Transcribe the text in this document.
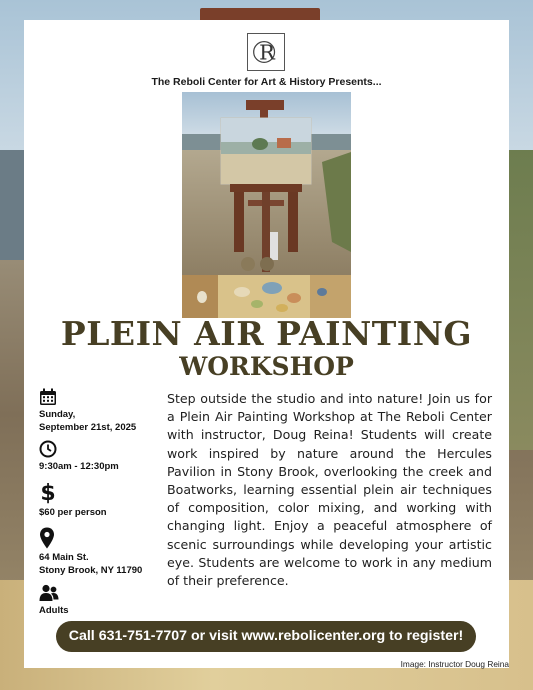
R
The Reboli Center for Art & History Presents...
PLEIN AIR PAINTING
WORKSHOP
Sunday,
September 21st, 2025
9:30am - 12:30pm
$
$60 per person
64 Main St.
Stony Brook, NY 11790
Adults
Step outside the studio and into nature! Join us for a Plein Air Painting Workshop at The Reboli Center with instructor, Doug Reina! Students will create work inspired by nature around the Hercules Pavilion in Stony Brook, overlooking the creek and Boatworks, learning essential plein air techniques of composition, color mixing, and working with changing light. Enjoy a peaceful atmosphere of scenic surroundings while developing your artistic eye. Students are welcome to work in any medium of their preference.
Call 631-751-7707 or visit www.rebolicenter.org to register!
Image: Instructor Doug Reina
